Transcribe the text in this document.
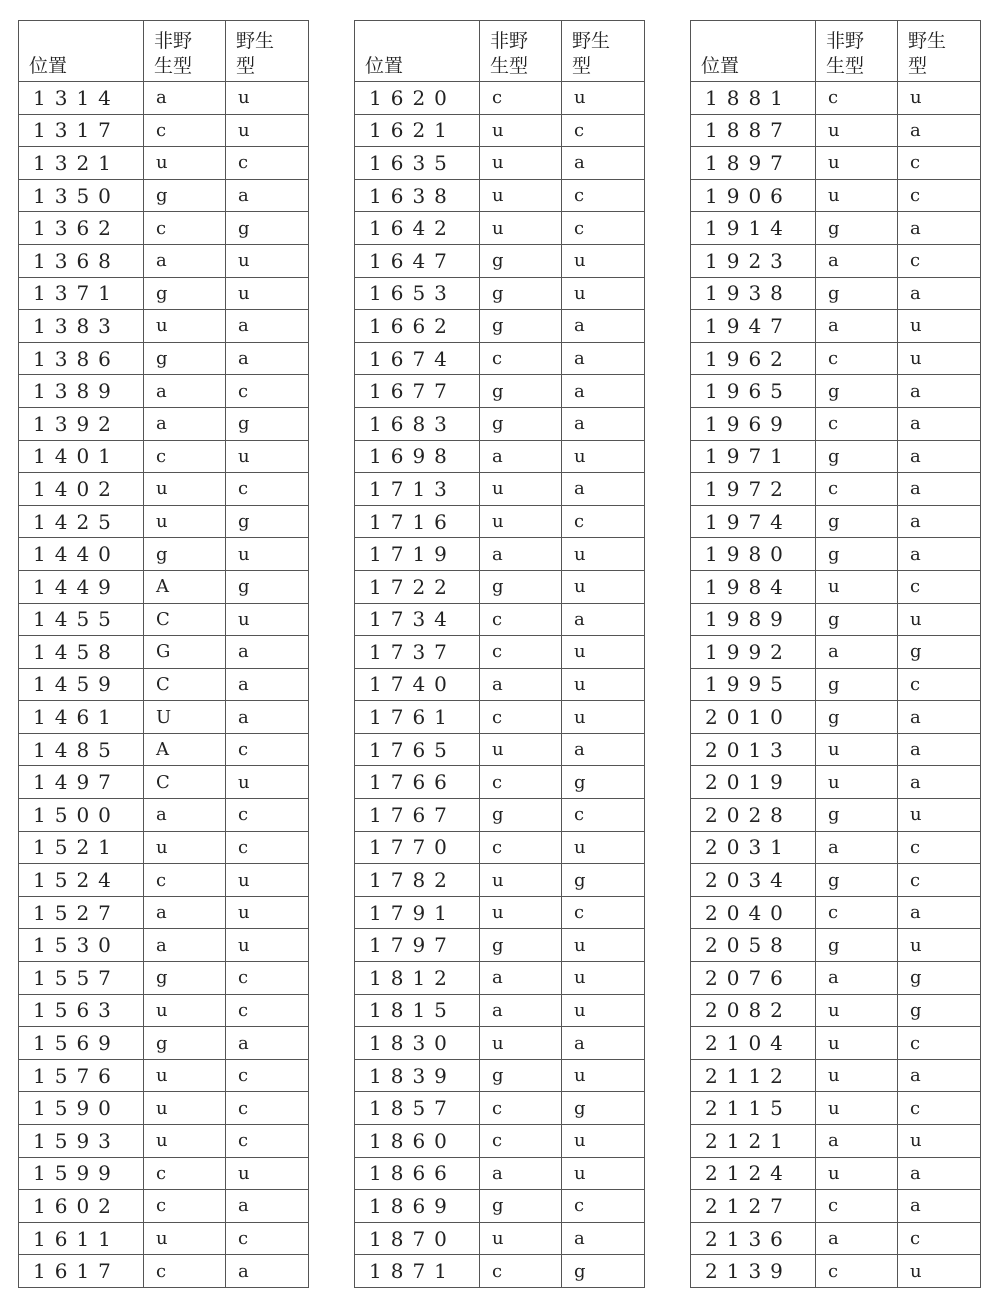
位置	非野
生型	野生
型
1314	a	u
1317	c	u
1321	u	c
1350	g	a
1362	c	g
1368	a	u
1371	g	u
1383	u	a
1386	g	a
1389	a	c
1392	a	g
1401	c	u
1402	u	c
1425	u	g
1440	g	u
1449	A	g
1455	C	u
1458	G	a
1459	C	a
1461	U	a
1485	A	c
1497	C	u
1500	a	c
1521	u	c
1524	c	u
1527	a	u
1530	a	u
1557	g	c
1563	u	c
1569	g	a
1576	u	c
1590	u	c
1593	u	c
1599	c	u
1602	c	a
1611	u	c
1617	c	a
位置	非野
生型	野生
型
1620	c	u
1621	u	c
1635	u	a
1638	u	c
1642	u	c
1647	g	u
1653	g	u
1662	g	a
1674	c	a
1677	g	a
1683	g	a
1698	a	u
1713	u	a
1716	u	c
1719	a	u
1722	g	u
1734	c	a
1737	c	u
1740	a	u
1761	c	u
1765	u	a
1766	c	g
1767	g	c
1770	c	u
1782	u	g
1791	u	c
1797	g	u
1812	a	u
1815	a	u
1830	u	a
1839	g	u
1857	c	g
1860	c	u
1866	a	u
1869	g	c
1870	u	a
1871	c	g
位置	非野
生型	野生
型
1881	c	u
1887	u	a
1897	u	c
1906	u	c
1914	g	a
1923	a	c
1938	g	a
1947	a	u
1962	c	u
1965	g	a
1969	c	a
1971	g	a
1972	c	a
1974	g	a
1980	g	a
1984	u	c
1989	g	u
1992	a	g
1995	g	c
2010	g	a
2013	u	a
2019	u	a
2028	g	u
2031	a	c
2034	g	c
2040	c	a
2058	g	u
2076	a	g
2082	u	g
2104	u	c
2112	u	a
2115	u	c
2121	a	u
2124	u	a
2127	c	a
2136	a	c
2139	c	u
